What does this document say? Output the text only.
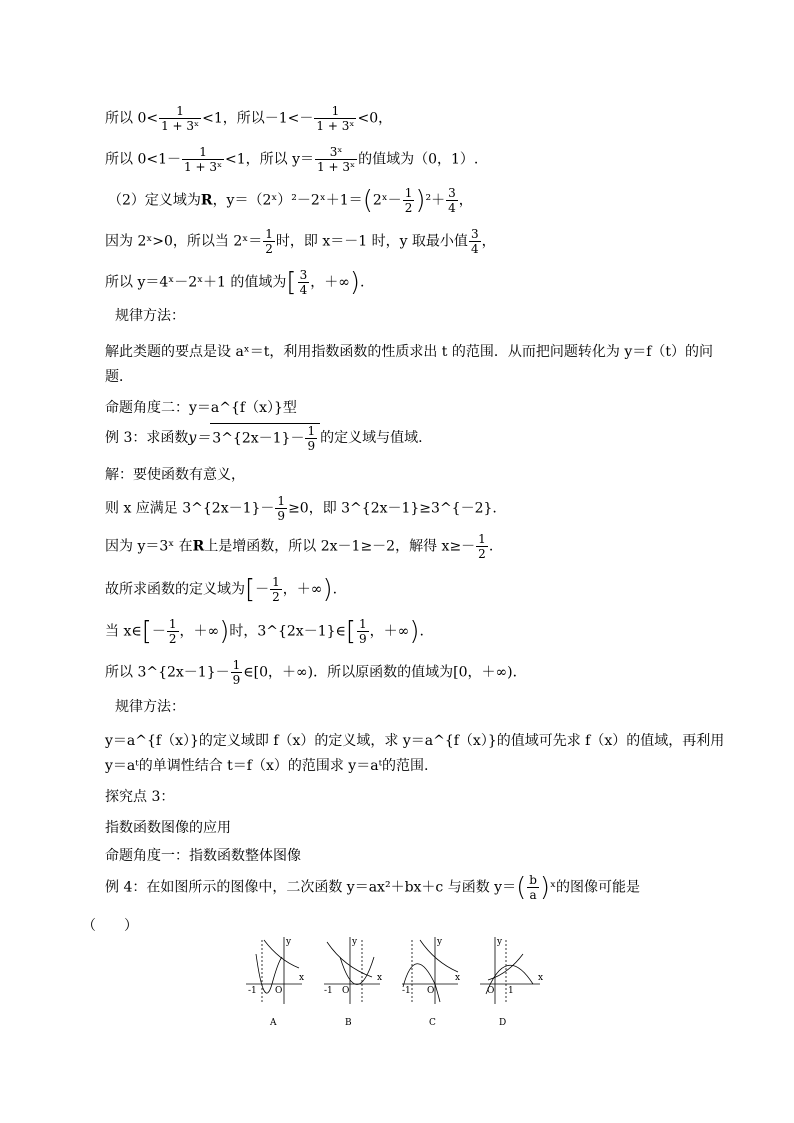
所以 $0< \frac{1}{\text{1 + 3ˣ}} <1$，所以$-1<- \frac{1}{\text{1 + 3ˣ}} <0$，
所以 $0<1- \frac{1}{\text{1 + 3ˣ}} <1$，所以 $y= \frac{\text{3ˣ}}{\text{1 + 3ˣ}}$ 的值域为（0，1）.
（2）定义域为R，y＝（2ˣ）²－2ˣ＋1＝(2ˣ－ $\frac{1}{2} )^2+ \frac{3}{4}$ ，
因为 2ˣ>0，所以当 2ˣ＝ $\frac{1}{2}$ 时，即 x＝－1 时，y 取最小值 $\frac{3}{4}$ ，
所以 y＝4ˣ－2ˣ＋1 的值域为[ $\frac{3}{4}$ ，＋∞).
规律方法：
解此类题的要点是设 aˣ＝t，利用指数函数的性质求出 t 的范围．从而把问题转化为 y＝f（t）的问题．
命题角度二：y＝a^{f（x）}型
例 3：求函数y＝ 3^{2x－1}－ $\frac{1}{9}$ 的定义域与值域.
解：要使函数有意义，
则 x 应满足 3^{2x－1}－ $\frac{1}{9} \ge 0$，即 3^{2x－1}≥3^{－2}.
因为 y＝3ˣ 在R上是增函数，所以 2x－1≥－2，解得 $x\ge- \frac{1}{2}$ .
故所求函数的定义域为[－ $\frac{1}{2}$ ，＋∞).
当 x∈[－ $\frac{1}{2}$ ，＋∞)时，3^{2x－1}∈[ $\frac{1}{9}$ ，＋∞).
所以 3^{2x－1}－ $\frac{1}{9}$ ∈[0，＋∞)．所以原函数的值域为[0，＋∞)．
规律方法：
y＝a^{f（x）}的定义域即 f（x）的定义域，求 y＝a^{f（x）}的值域可先求 f（x）的值域，再利用 y＝aᵗ的单调性结合 t＝f（x）的范围求 y＝aᵗ的范围.
探究点 3：
指数函数图像的应用
命题角度一：指数函数整体图像
例 4：在如图所示的图像中，二次函数 y＝ax²＋bx＋c 与函数 $y=( \frac{b}{a}$ )ˣ的图像可能是
（　　）
y
x
O
-1
A
y
x
O
-1
B
y
x
O
-1
C
y
x
O 1
D
